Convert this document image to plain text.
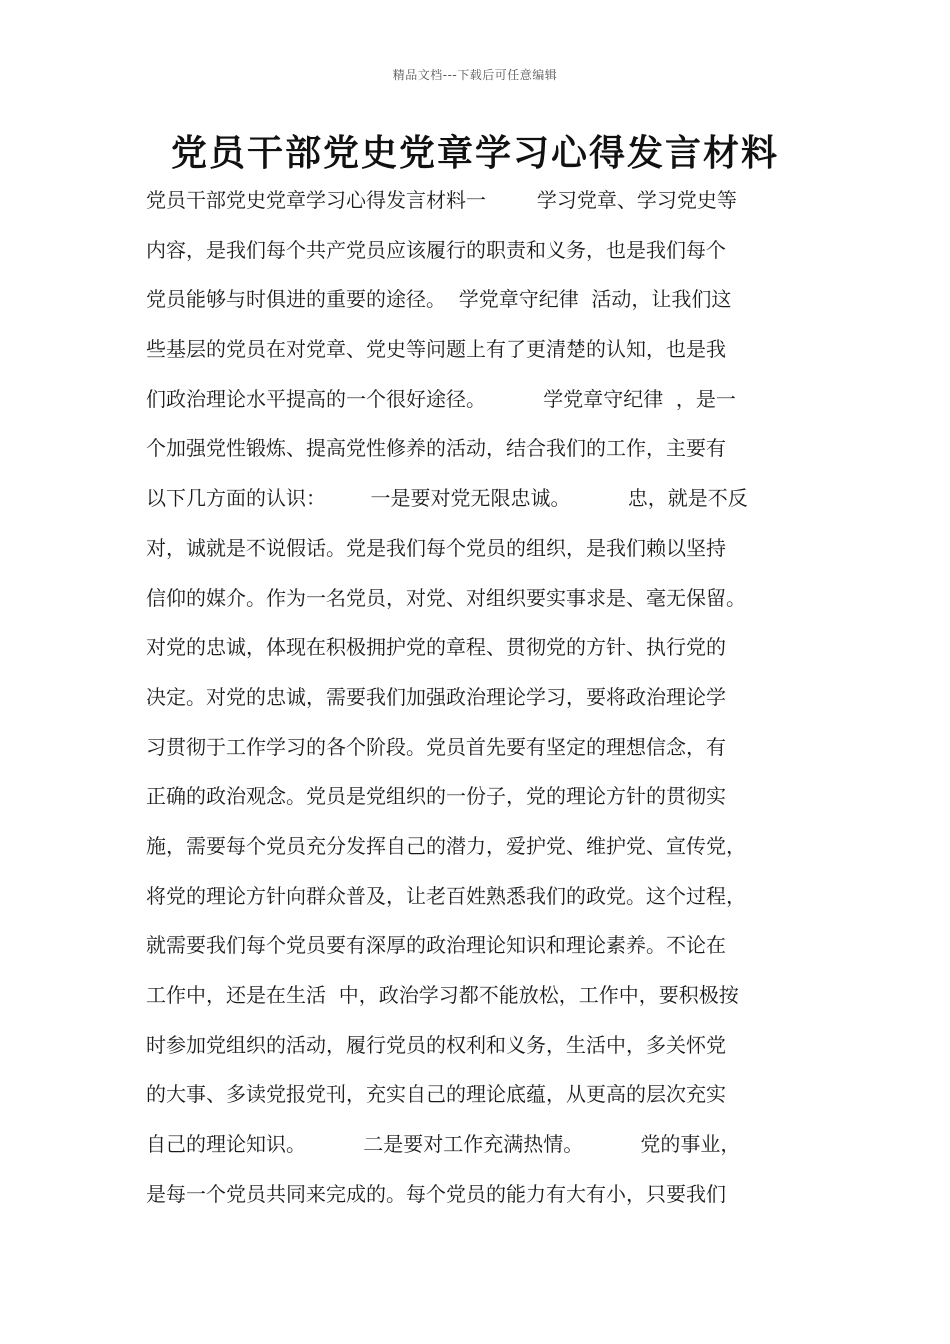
精品文档---下载后可任意编辑
党员干部党史党章学习心得发言材料
党员干部党史党章学习心得发言材料一        学习党章、学习党史等
内容，是我们每个共产党员应该履行的职责和义务，也是我们每个
党员能够与时俱进的重要的途径。  学党章守纪律  活动，让我们这
些基层的党员在对党章、党史等问题上有了更清楚的认知，也是我
们政治理论水平提高的一个很好途径。         学党章守纪律  ，是一
个加强党性锻炼、提高党性修养的活动，结合我们的工作，主要有
以下几方面的认识：       一是要对党无限忠诚。         忠，就是不反
对，诚就是不说假话。党是我们每个党员的组织，是我们赖以坚持
信仰的媒介。作为一名党员，对党、对组织要实事求是、毫无保留。
对党的忠诚，体现在积极拥护党的章程、贯彻党的方针、执行党的
决定。对党的忠诚，需要我们加强政治理论学习，要将政治理论学
习贯彻于工作学习的各个阶段。党员首先要有坚定的理想信念，有
正确的政治观念。党员是党组织的一份子，党的理论方针的贯彻实
施，需要每个党员充分发挥自己的潜力，爱护党、维护党、宣传党，
将党的理论方针向群众普及，让老百姓熟悉我们的政党。这个过程，
就需要我们每个党员要有深厚的政治理论知识和理论素养。不论在
工作中，还是在生活  中，政治学习都不能放松，工作中，要积极按
时参加党组织的活动，履行党员的权利和义务，生活中，多关怀党
的大事、多读党报党刊，充实自己的理论底蕴，从更高的层次充实
自己的理论知识。         二是要对工作充满热情。         党的事业，
是每一个党员共同来完成的。每个党员的能力有大有小，只要我们
